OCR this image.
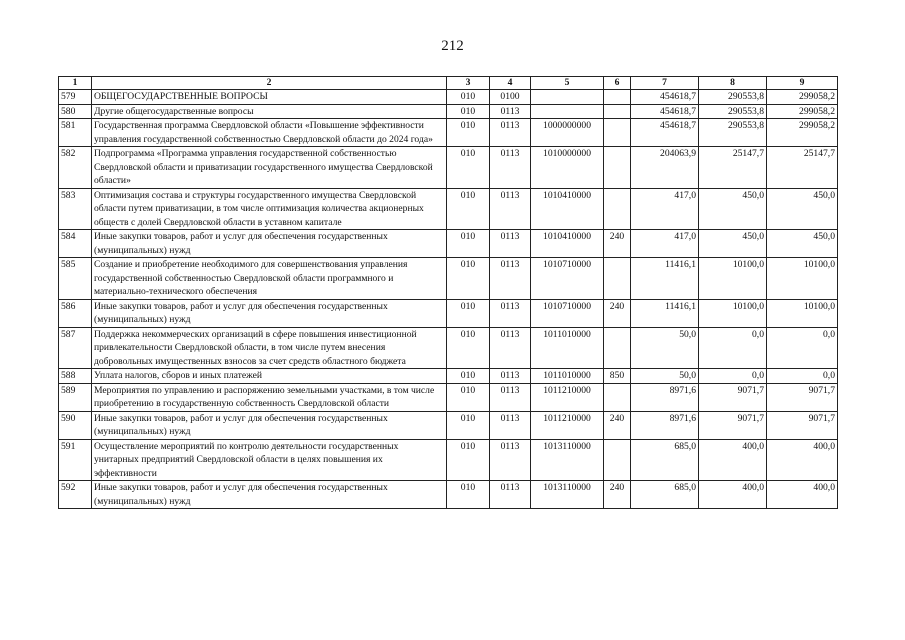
212
1	2	3	4	5	6	7	8	9
579	ОБЩЕГОСУДАРСТВЕННЫЕ ВОПРОСЫ	010	0100			454618,7	290553,8	299058,2
580	Другие общегосударственные вопросы	010	0113			454618,7	290553,8	299058,2
581	Государственная программа Свердловской области «Повышение эффективности управления государственной собственностью Свердловской области до 2024 года»	010	0113	1000000000		454618,7	290553,8	299058,2
582	Подпрограмма «Программа управления государственной собственностью Свердловской области и приватизации государственного имущества Свердловской области»	010	0113	1010000000		204063,9	25147,7	25147,7
583	Оптимизация состава и структуры государственного имущества Свердловской области путем приватизации, в том числе оптимизация количества акционерных обществ с долей Свердловской области в уставном капитале	010	0113	1010410000		417,0	450,0	450,0
584	Иные закупки товаров, работ и услуг для обеспечения государственных (муниципальных) нужд	010	0113	1010410000	240	417,0	450,0	450,0
585	Создание и приобретение необходимого для совершенствования управления государственной собственностью Свердловской области программного и материально-технического обеспечения	010	0113	1010710000		11416,1	10100,0	10100,0
586	Иные закупки товаров, работ и услуг для обеспечения государственных (муниципальных) нужд	010	0113	1010710000	240	11416,1	10100,0	10100,0
587	Поддержка некоммерческих организаций в сфере повышения инвестиционной привлекательности Свердловской области, в том числе путем внесения добровольных имущественных взносов за счет средств областного бюджета	010	0113	1011010000		50,0	0,0	0,0
588	Уплата налогов, сборов и иных платежей	010	0113	1011010000	850	50,0	0,0	0,0
589	Мероприятия по управлению и распоряжению земельными участками, в том числе приобретению в государственную собственность Свердловской области	010	0113	1011210000		8971,6	9071,7	9071,7
590	Иные закупки товаров, работ и услуг для обеспечения государственных (муниципальных) нужд	010	0113	1011210000	240	8971,6	9071,7	9071,7
591	Осуществление мероприятий по контролю деятельности государственных унитарных предприятий Свердловской области в целях повышения их эффективности	010	0113	1013110000		685,0	400,0	400,0
592	Иные закупки товаров, работ и услуг для обеспечения государственных (муниципальных) нужд	010	0113	1013110000	240	685,0	400,0	400,0
